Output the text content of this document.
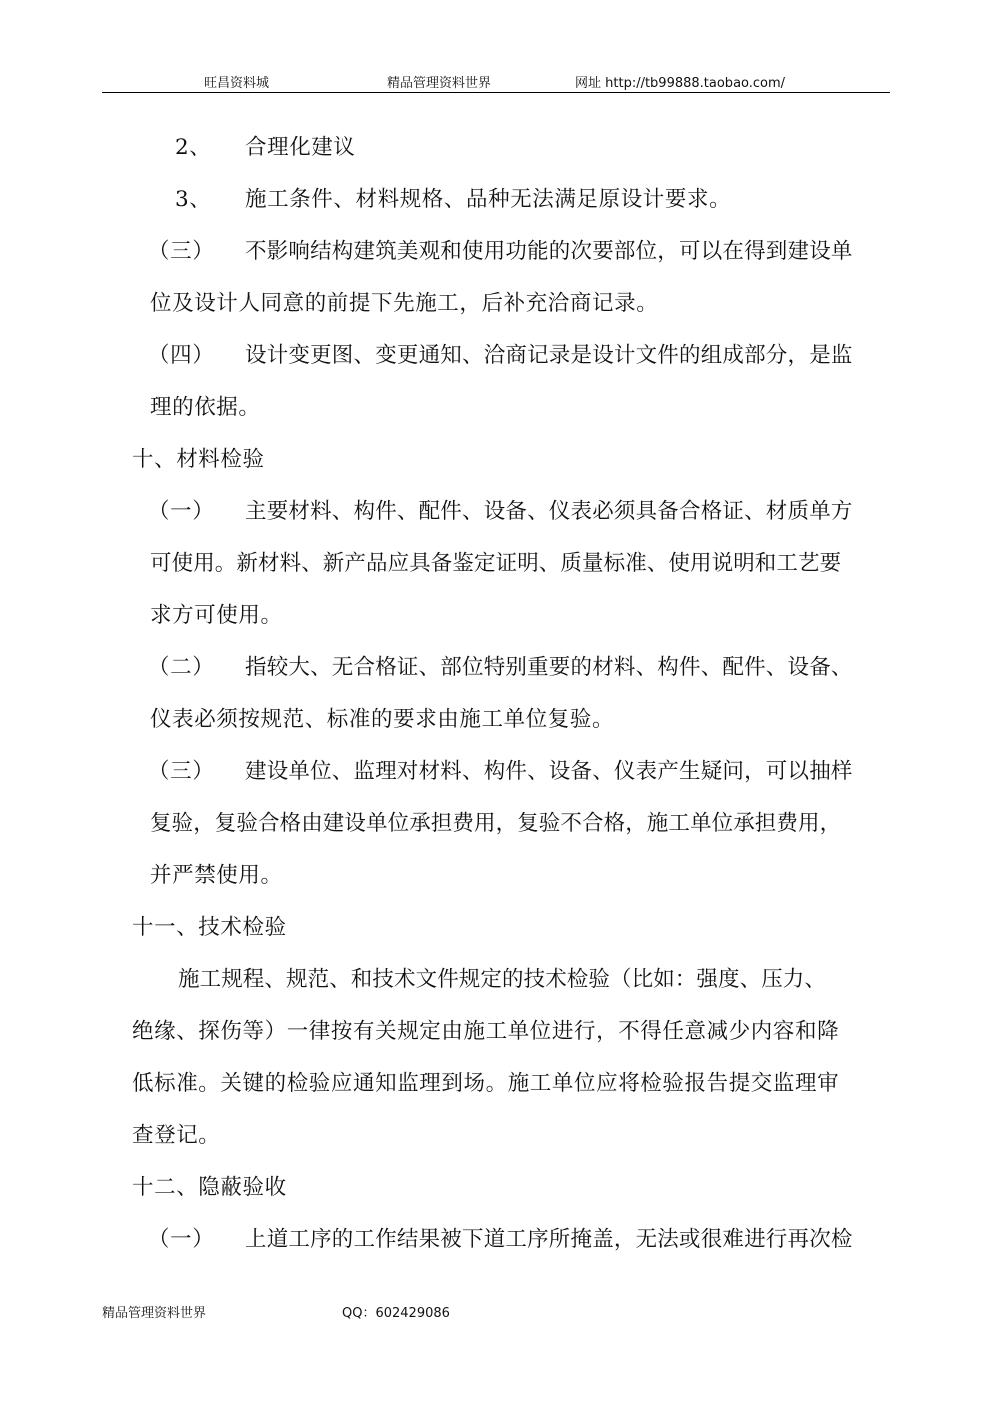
旺昌资料城	精品管理资料世界	网址 http://tb99888.taobao.com/
2、 合理化建议
3、 施工条件、材料规格、品种无法满足原设计要求。
（三） 不影响结构建筑美观和使用功能的次要部位，可以在得到建设单
位及设计人同意的前提下先施工，后补充洽商记录。
（四） 设计变更图、变更通知、洽商记录是设计文件的组成部分，是监
理的依据。
十、材料检验
（一） 主要材料、构件、配件、设备、仪表必须具备合格证、材质单方
可使用。新材料、新产品应具备鉴定证明、质量标准、使用说明和工艺要
求方可使用。
（二） 指较大、无合格证、部位特别重要的材料、构件、配件、设备、
仪表必须按规范、标准的要求由施工单位复验。
（三） 建设单位、监理对材料、构件、设备、仪表产生疑问，可以抽样
复验，复验合格由建设单位承担费用，复验不合格，施工单位承担费用，
并严禁使用。
十一、技术检验
施工规程、规范、和技术文件规定的技术检验（比如：强度、压力、
绝缘、探伤等）一律按有关规定由施工单位进行，不得任意减少内容和降
低标准。关键的检验应通知监理到场。施工单位应将检验报告提交监理审
查登记。
十二、隐蔽验收
（一） 上道工序的工作结果被下道工序所掩盖，无法或很难进行再次检
精品管理资料世界	QQ：602429086
